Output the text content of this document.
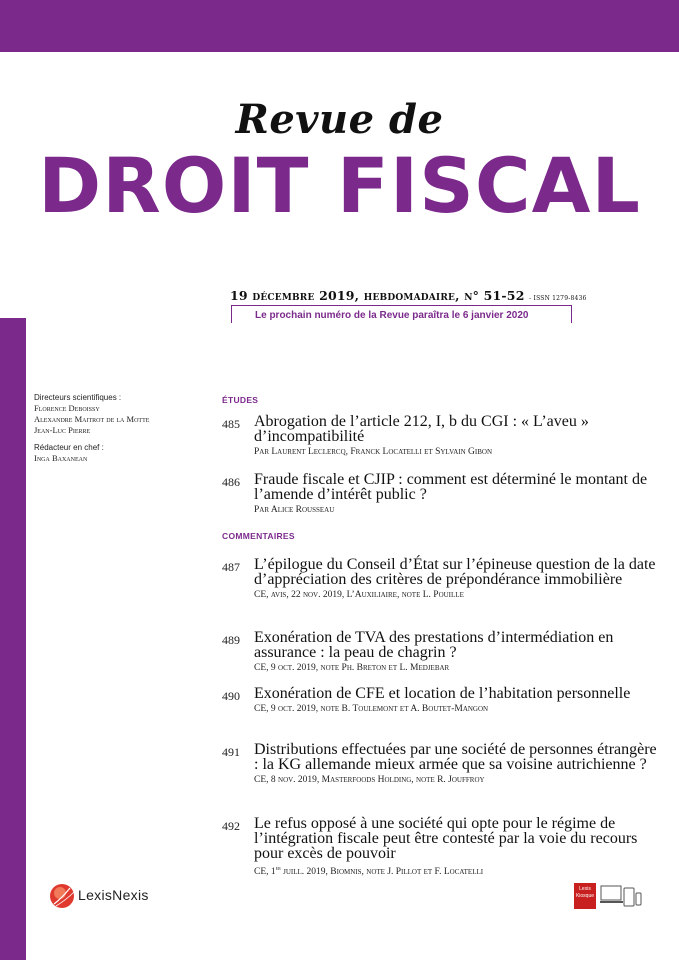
Revue de
DROIT FISCAL
19 décembre 2019, hebdomadaire, n° 51-52 - ISSN 1279-8436
Le prochain numéro de la Revue paraîtra le 6 janvier 2020
Directeurs scientifiques :
Florence Deboissy
Alexandre Maitrot de la Motte
Jean-Luc Pierre
Rédacteur en chef :
Inga Baxanean
ÉTUDES
485 Abrogation de l’article 212, I, b du CGI : « L’aveu » d’incompatibilité
Par Laurent Leclercq, Franck Locatelli et Sylvain Gibon
486 Fraude fiscale et CJIP : comment est déterminé le montant de l’amende d’intérêt public ?
Par Alice Rousseau
COMMENTAIRES
487 L’épilogue du Conseil d’État sur l’épineuse question de la date d’appréciation des critères de prépondérance immobilière
CE, avis, 22 nov. 2019, L’Auxiliaire, note L. Pouille
489 Exonération de TVA des prestations d’intermédiation en assurance : la peau de chagrin ?
CE, 9 oct. 2019, note Ph. Breton et L. Medjebar
490 Exonération de CFE et location de l’habitation personnelle
CE, 9 oct. 2019, note B. Toulemont et A. Boutet-Mangon
491 Distributions effectuées par une société de personnes étrangère : la KG allemande mieux armée que sa voisine autrichienne ?
CE, 8 nov. 2019, Masterfoods Holding, note R. Jouffroy
492 Le refus opposé à une société qui opte pour le régime de l’intégration fiscale peut être contesté par la voie du recours pour excès de pouvoir
CE, 1er juill. 2019, Biomnis, note J. Pillot et F. Locatelli
LexisNexis	Lexis
Kiosque
